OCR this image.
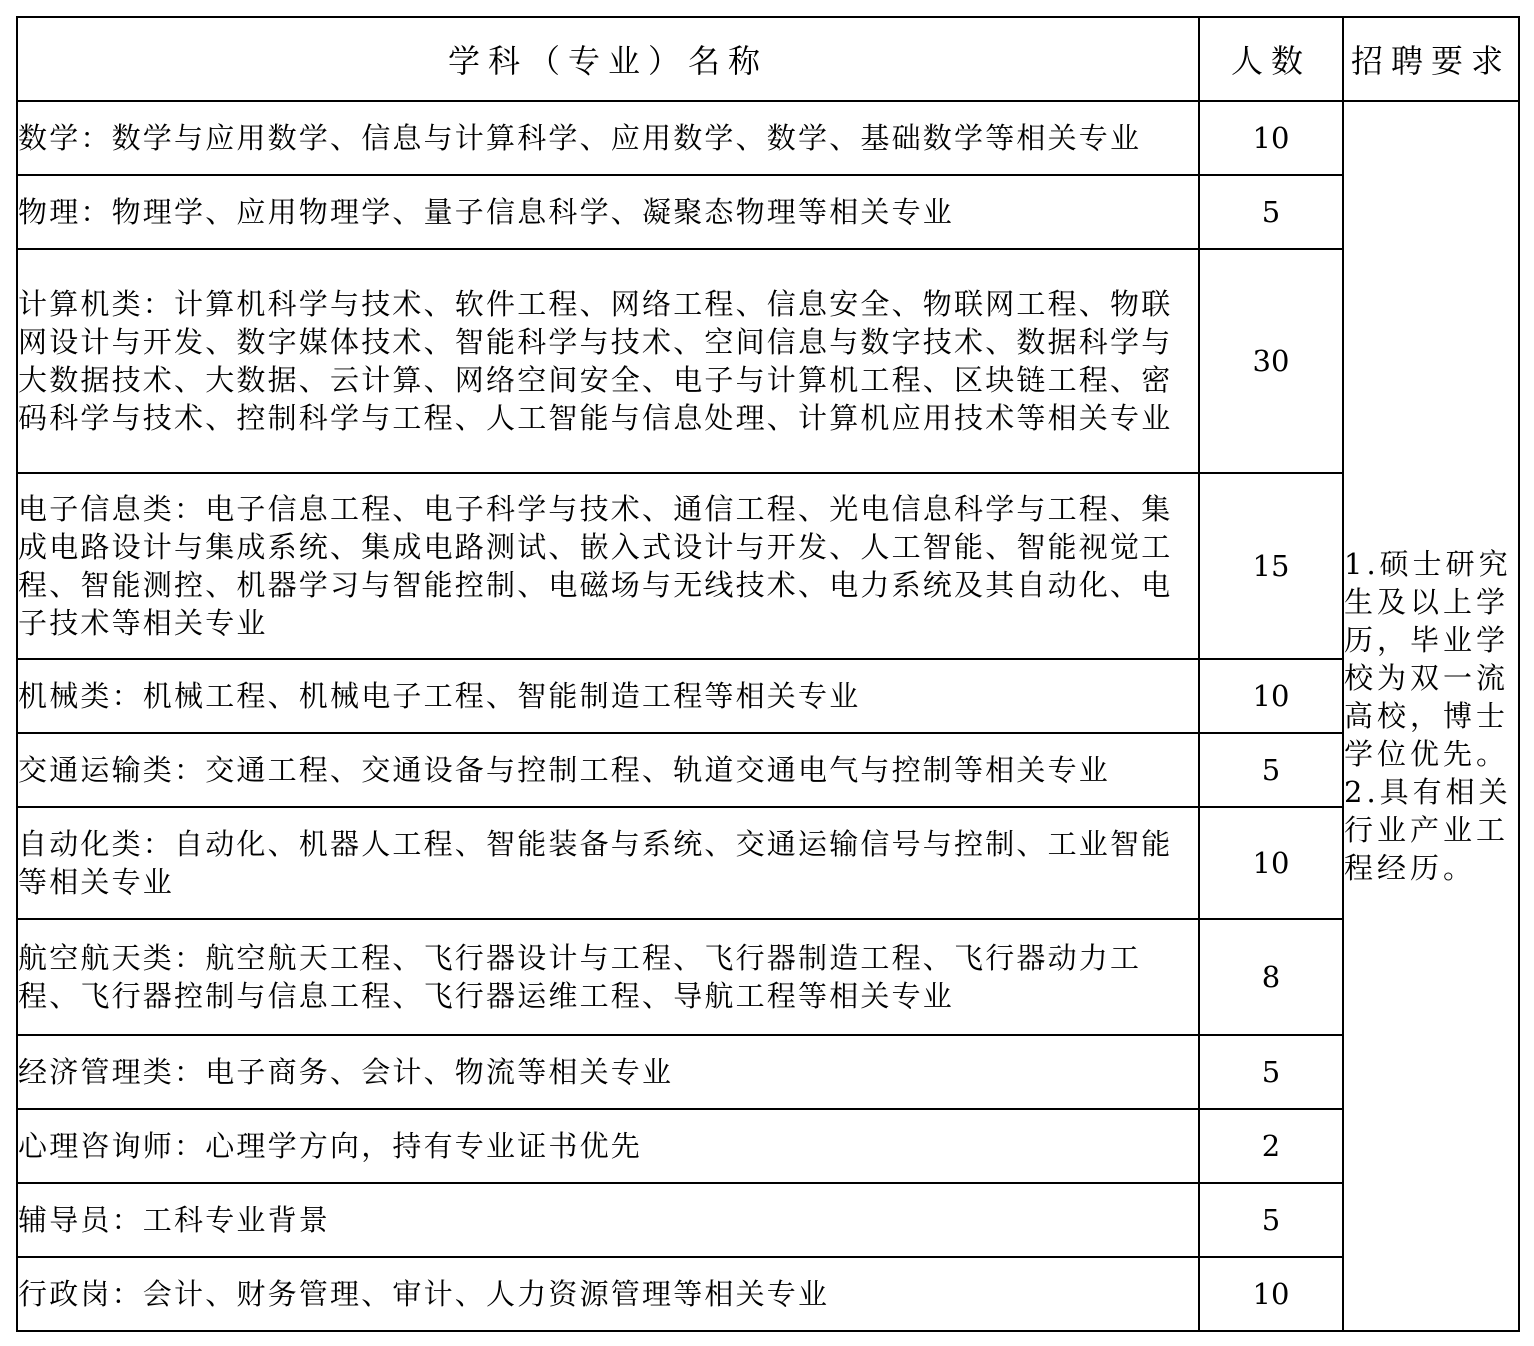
学科（专业）名称	人数	招聘要求
数学：数学与应用数学、信息与计算科学、应用数学、数学、基础数学等相关专业	10	1.硕士研究生及以上学历，毕业学校为双一流高校，博士学位优先。

2.具有相关行业产业工程经历。

物理：物理学、应用物理学、量子信息科学、凝聚态物理等相关专业	5	
计算机类：计算机科学与技术、软件工程、网络工程、信息安全、物联网工程、物联网设计与开发、数字媒体技术、智能科学与技术、空间信息与数字技术、数据科学与大数据技术、大数据、云计算、网络空间安全、电子与计算机工程、区块链工程、密码科学与技术、控制科学与工程、人工智能与信息处理、计算机应用技术等相关专业	30	
电子信息类：电子信息工程、电子科学与技术、通信工程、光电信息科学与工程、集成电路设计与集成系统、集成电路测试、嵌入式设计与开发、人工智能、智能视觉工程、智能测控、机器学习与智能控制、电磁场与无线技术、电力系统及其自动化、电子技术等相关专业	15	
机械类：机械工程、机械电子工程、智能制造工程等相关专业	10	
交通运输类：交通工程、交通设备与控制工程、轨道交通电气与控制等相关专业	5	
自动化类：自动化、机器人工程、智能装备与系统、交通运输信号与控制、工业智能等相关专业	10	
航空航天类：航空航天工程、飞行器设计与工程、飞行器制造工程、飞行器动力工程、飞行器控制与信息工程、飞行器运维工程、导航工程等相关专业	8	
经济管理类：电子商务、会计、物流等相关专业	5	
心理咨询师：心理学方向，持有专业证书优先	2	
辅导员：工科专业背景	5	
行政岗：会计、财务管理、审计、人力资源管理等相关专业	10	
